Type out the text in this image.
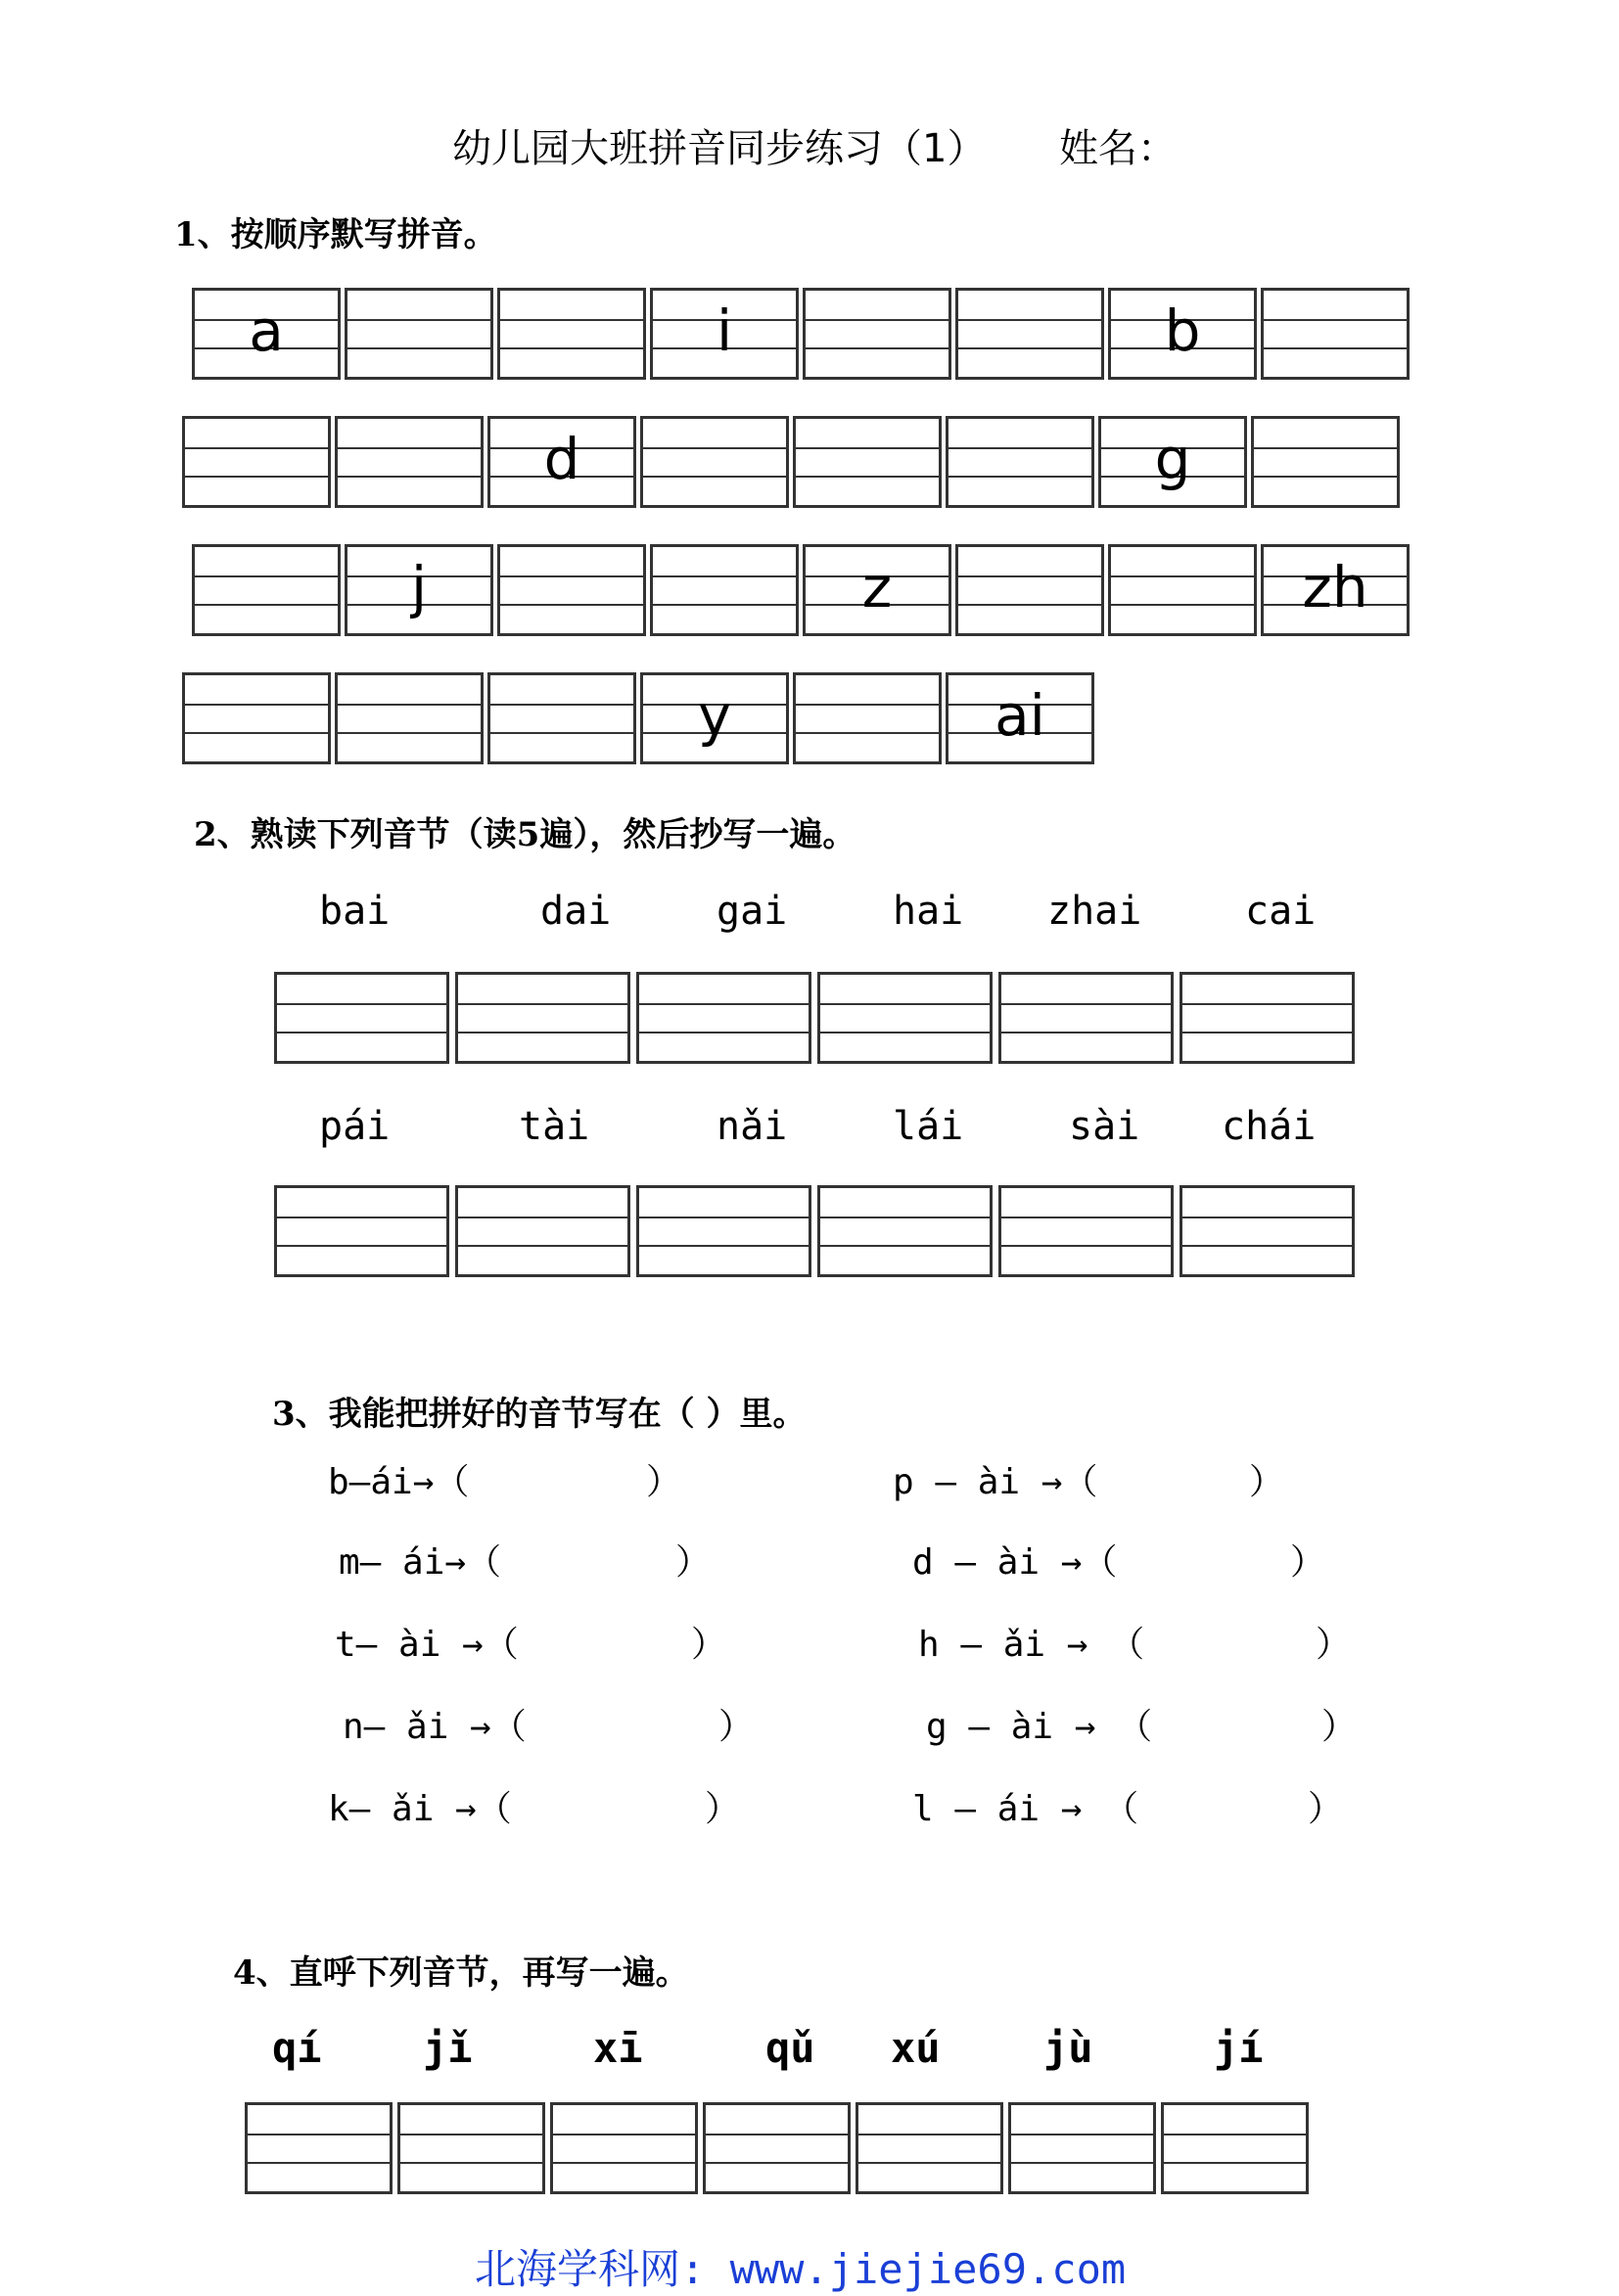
幼儿园大班拼音同步练习（1） 姓名：
1、按顺序默写拼音。
a	i	b
d	g
j	z	zh
y	ai
2、熟读下列音节（读5遍），然后抄写一遍。
bai	dai	gai	hai zhai	cai
pái	tài	nǎi	lái	sài chái
3、我能把拼好的音节写在（ ）里。
b—ái→（	）	p — ài →（	）
m— ái→（	）	d — ài →（	）
t— ài →（	）	h — ǎi → （	）
n— ǎi →（	）	g — ài → （	）
k— ǎi →（	）	l — ái → （	）
4、直呼下列音节，再写一遍。
qí jǐ	xī	qǔ xú	jù	jí
北海学科网: www.jiejie69.com
